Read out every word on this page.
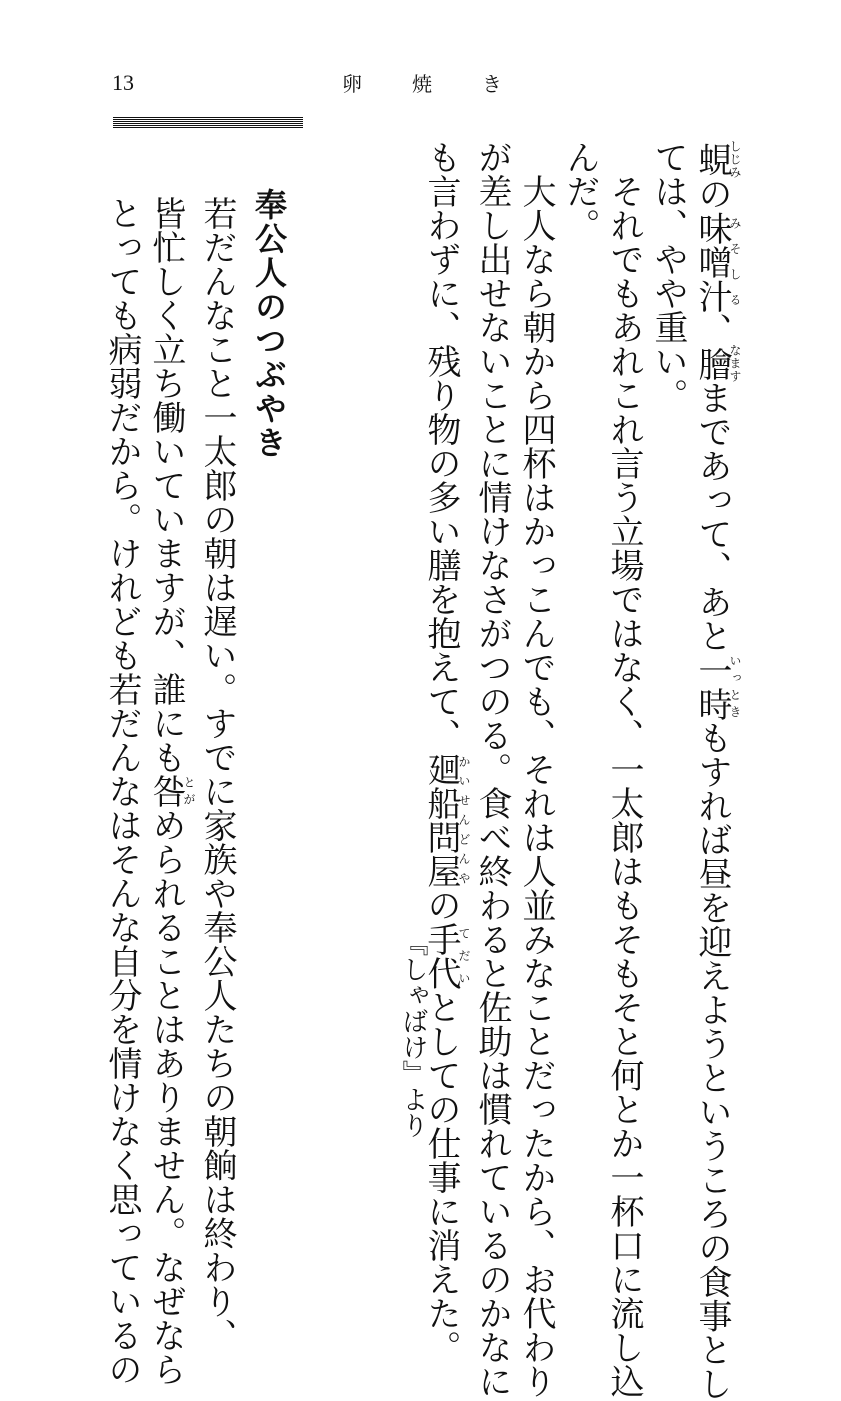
13	卵	焼	き

蜆しじみの味噌汁みそしる、膾なますまであって、あと一時いっときもすれば昼を迎えようというころの食事とし

ては、やや重い。

　それでもあれこれ言う立場ではなく、一太郎はもそもそと何とか一杯口に流し込

んだ。

　大人なら朝から四杯はかっこんでも、それは人並みなことだったから、お代わり

が差し出せないことに情けなさがつのる。食べ終わると佐助は慣れているのかなに

も言わずに、残り物の多い膳を抱えて、廻船問屋かいせんどんやの手代てだいとしての仕事に消えた。

『しゃばけ』より
奉公人のつぶやき

若だんなこと一太郎の朝は遅い。すでに家族や奉公人たちの朝餉は終わり、

皆忙しく立ち働いていますが、誰にも咎とがめられることはありません。なぜなら

とっても病弱だから。けれども若だんなはそんな自分を情けなく思っているの
